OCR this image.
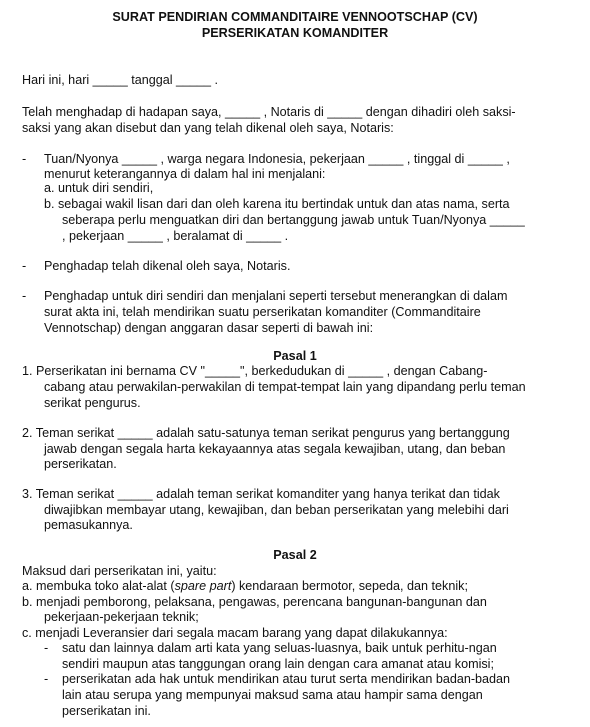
SURAT PENDIRIAN COMMANDITAIRE VENNOOTSCHAP (CV)
PERSERIKATAN KOMANDITER
Hari ini, hari _____ tanggal _____ .
Telah menghadap di hadapan saya, _____ , Notaris di _____ dengan dihadiri oleh saksi-
saksi yang akan disebut dan yang telah dikenal oleh saya, Notaris:
- Tuan/Nyonya _____ , warga negara Indonesia, pekerjaan _____ , tinggal di _____ ,
menurut keterangannya di dalam hal ini menjalani:
a. untuk diri sendiri,
b. sebagai wakil lisan dari dan oleh karena itu bertindak untuk dan atas nama, serta
seberapa perlu menguatkan diri dan bertanggung jawab untuk Tuan/Nyonya _____
, pekerjaan _____ , beralamat di _____ .
- Penghadap telah dikenal oleh saya, Notaris.
- Penghadap untuk diri sendiri dan menjalani seperti tersebut menerangkan di dalam
surat akta ini, telah mendirikan suatu perserikatan komanditer (Commanditaire
Vennotschap) dengan anggaran dasar seperti di bawah ini:
Pasal 1
1. Perserikatan ini bernama CV "_____", berkedudukan di _____ , dengan Cabang-
cabang atau perwakilan-perwakilan di tempat-tempat lain yang dipandang perlu teman
serikat pengurus.
2. Teman serikat _____ adalah satu-satunya teman serikat pengurus yang bertanggung
jawab dengan segala harta kekayaannya atas segala kewajiban, utang, dan beban
perserikatan.
3. Teman serikat _____ adalah teman serikat komanditer yang hanya terikat dan tidak
diwajibkan membayar utang, kewajiban, dan beban perserikatan yang melebihi dari
pemasukannya.
Pasal 2
Maksud dari perserikatan ini, yaitu:
a. membuka toko alat-alat (spare part) kendaraan bermotor, sepeda, dan teknik;
b. menjadi pemborong, pelaksana, pengawas, perencana bangunan-bangunan dan
pekerjaan-pekerjaan teknik;
c. menjadi Leveransier dari segala macam barang yang dapat dilakukannya:
- satu dan lainnya dalam arti kata yang seluas-luasnya, baik untuk perhitu-ngan
sendiri maupun atas tanggungan orang lain dengan cara amanat atau komisi;
- perserikatan ada hak untuk mendirikan atau turut serta mendirikan badan-badan
lain atau serupa yang mempunyai maksud sama atau hampir sama dengan
perserikatan ini.
